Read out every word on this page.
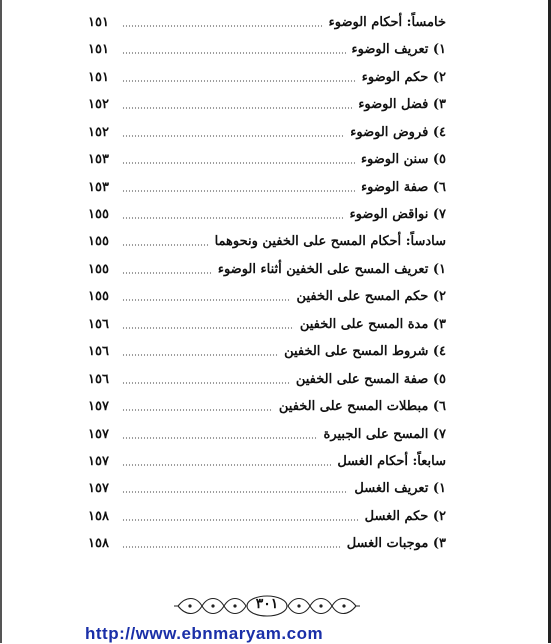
خامساً: أحكام الوضوء
١٥١
١) تعريف الوضوء
١٥١
٢) حكم الوضوء
١٥١
٣) فضل الوضوء
١٥٢
٤) فروض الوضوء
١٥٢
٥) سنن الوضوء
١٥٣
٦) صفة الوضوء
١٥٣
٧) نواقض الوضوء
١٥٥
سادساً: أحكام المسح على الخفين ونحوهما
١٥٥
١) تعريف المسح على الخفين أثناء الوضوء
١٥٥
٢) حكم المسح على الخفين
١٥٥
٣) مدة المسح على الخفين
١٥٦
٤) شروط المسح على الخفين
١٥٦
٥) صفة المسح على الخفين
١٥٦
٦) مبطلات المسح على الخفين
١٥٧
٧) المسح على الجبيرة
١٥٧
سابعاً: أحكام الغسل
١٥٧
١) تعريف الغسل
١٥٧
٢) حكم الغسل
١٥٨
٣) موجبات الغسل
١٥٨
٣٠١
http://www.ebnmaryam.com
